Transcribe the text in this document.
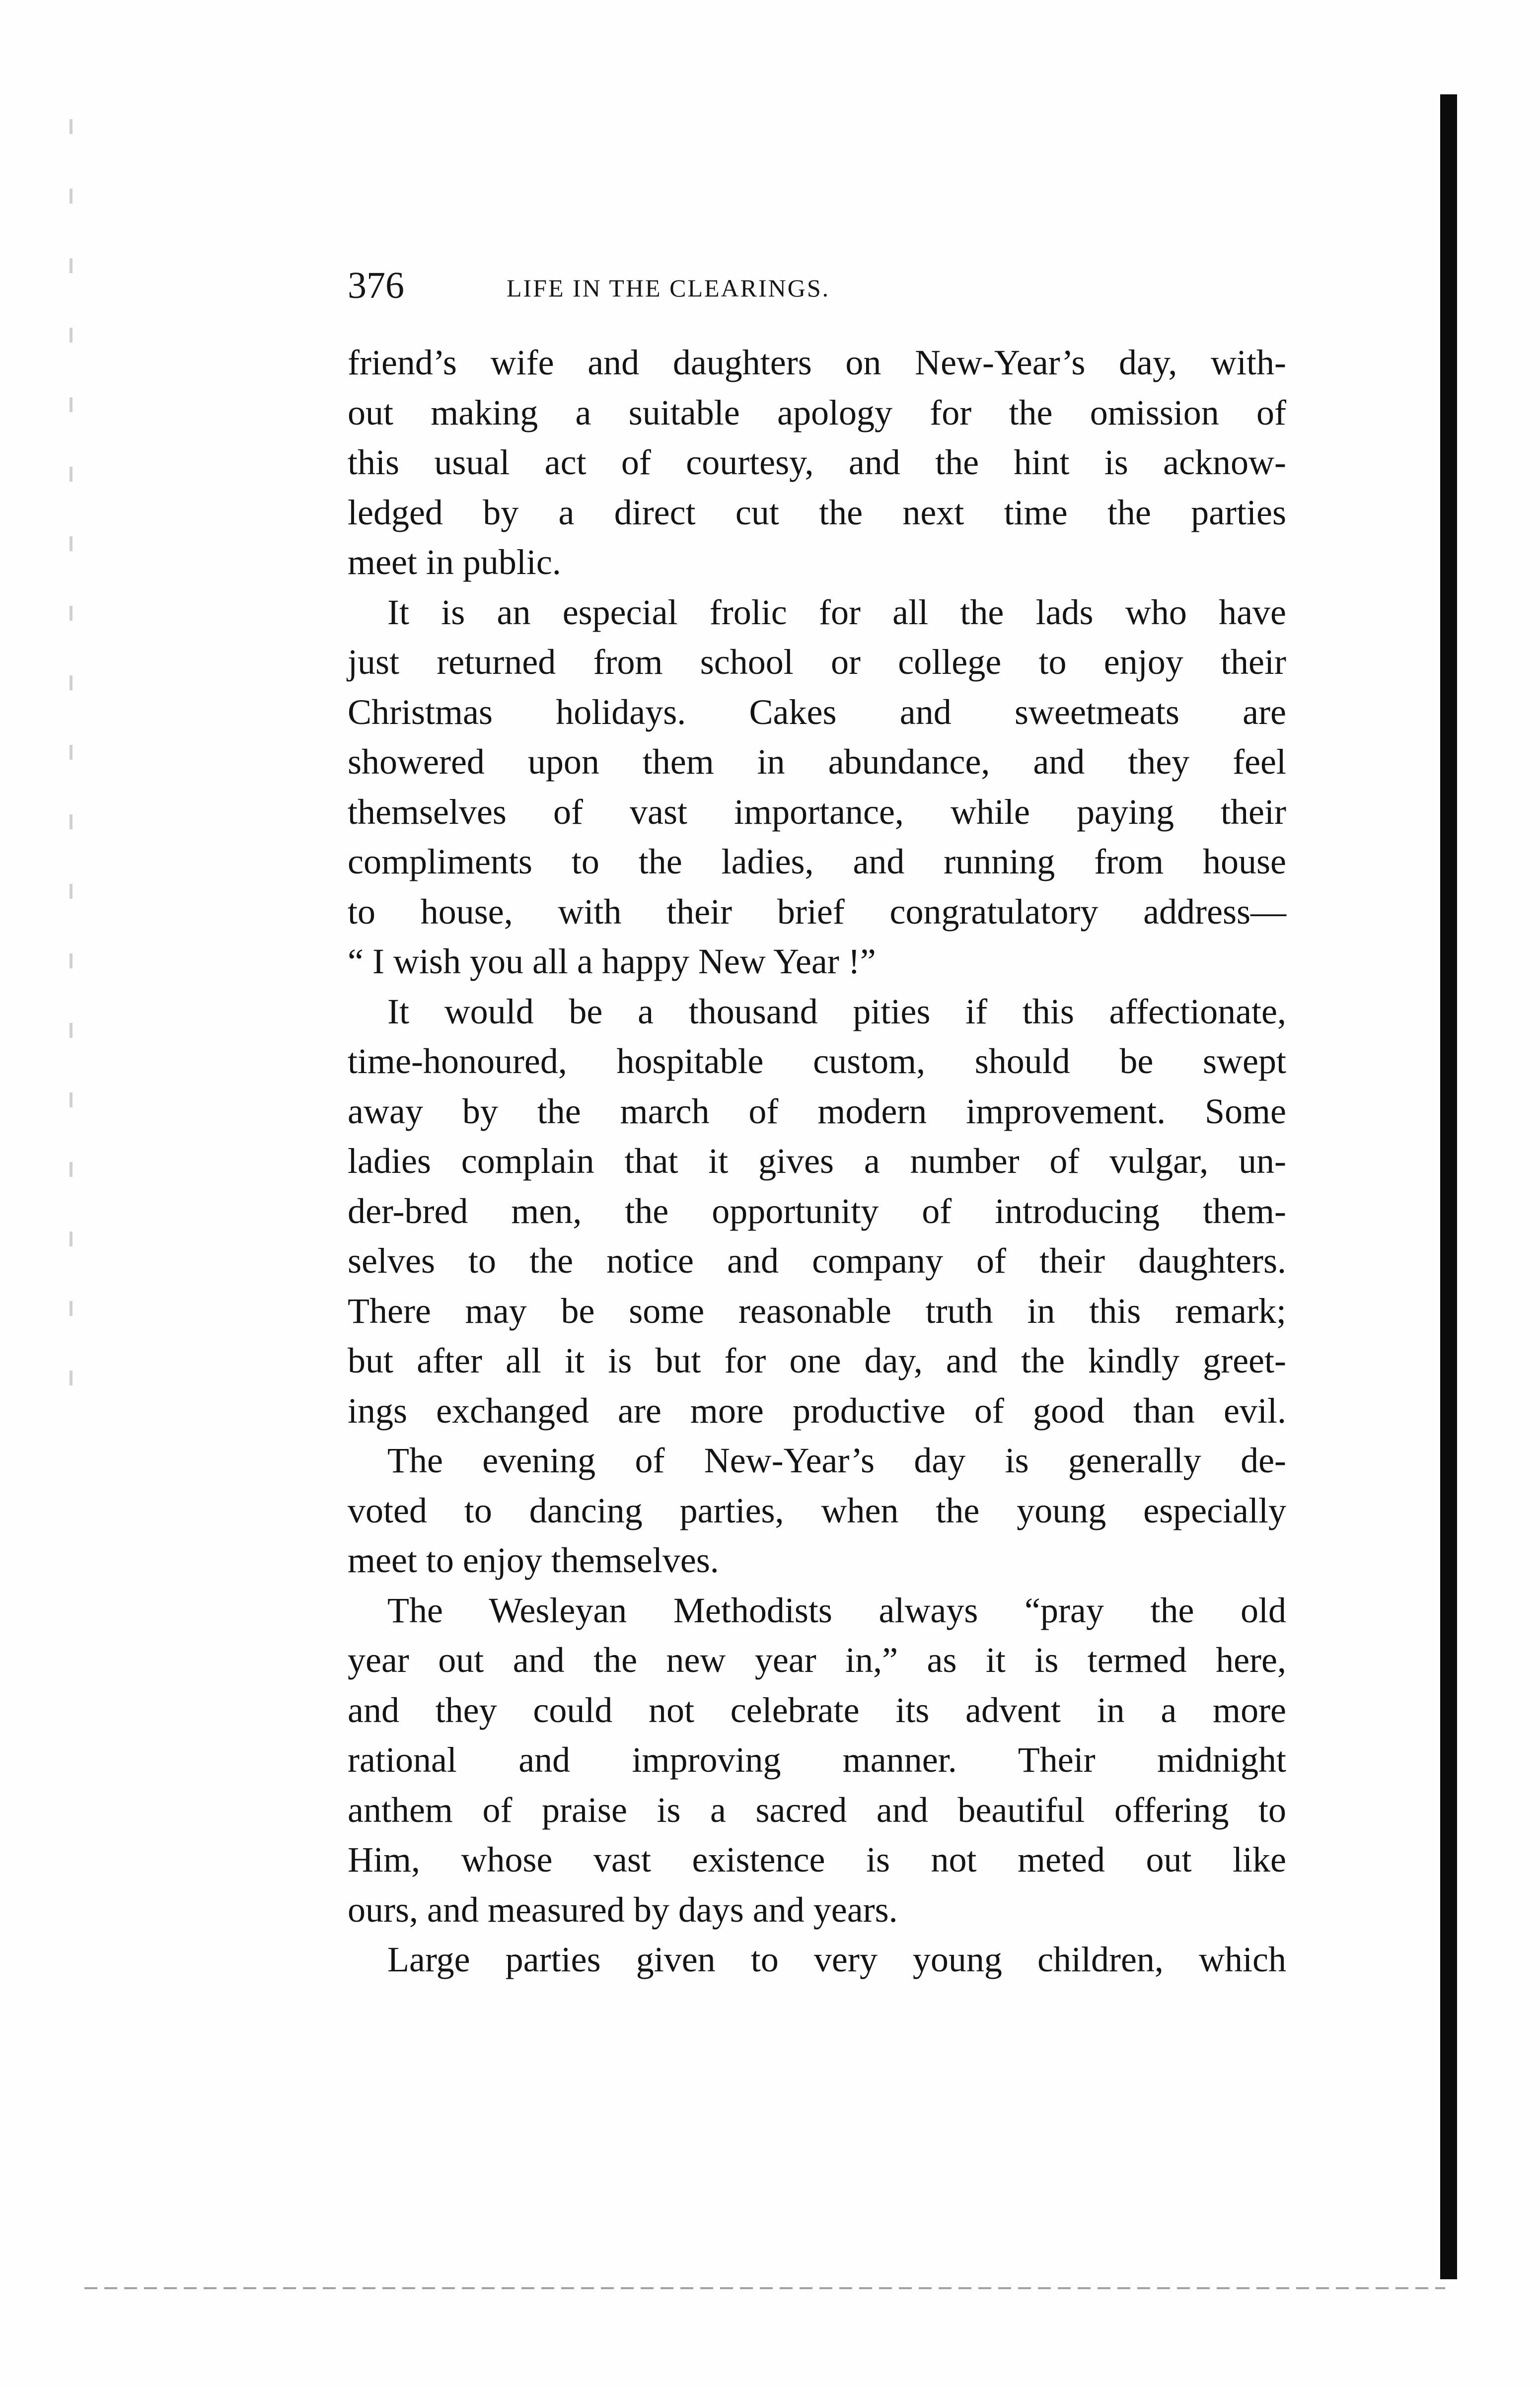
376	LIFE IN THE CLEARINGS.
friend’s wife and daughters on New-Year’s day, with-
out making a suitable apology for the omission of
this usual act of courtesy, and the hint is acknow-
ledged by a direct cut the next time the parties
meet in public.
It is an especial frolic for all the lads who have
just returned from school or college to enjoy their
Christmas holidays. Cakes and sweetmeats are
showered upon them in abundance, and they feel
themselves of vast importance, while paying their
compliments to the ladies, and running from house
to house, with their brief congratulatory address—
“ I wish you all a happy New Year !”
It would be a thousand pities if this affectionate,
time-honoured, hospitable custom, should be swept
away by the march of modern improvement. Some
ladies complain that it gives a number of vulgar, un-
der-bred men, the opportunity of introducing them-
selves to the notice and company of their daughters.
There may be some reasonable truth in this remark;
but after all it is but for one day, and the kindly greet-
ings exchanged are more productive of good than evil.
The evening of New-Year’s day is generally de-
voted to dancing parties, when the young especially
meet to enjoy themselves.
The Wesleyan Methodists always “pray the old
year out and the new year in,” as it is termed here,
and they could not celebrate its advent in a more
rational and improving manner. Their midnight
anthem of praise is a sacred and beautiful offering to
Him, whose vast existence is not meted out like
ours, and measured by days and years.
Large parties given to very young children, which
